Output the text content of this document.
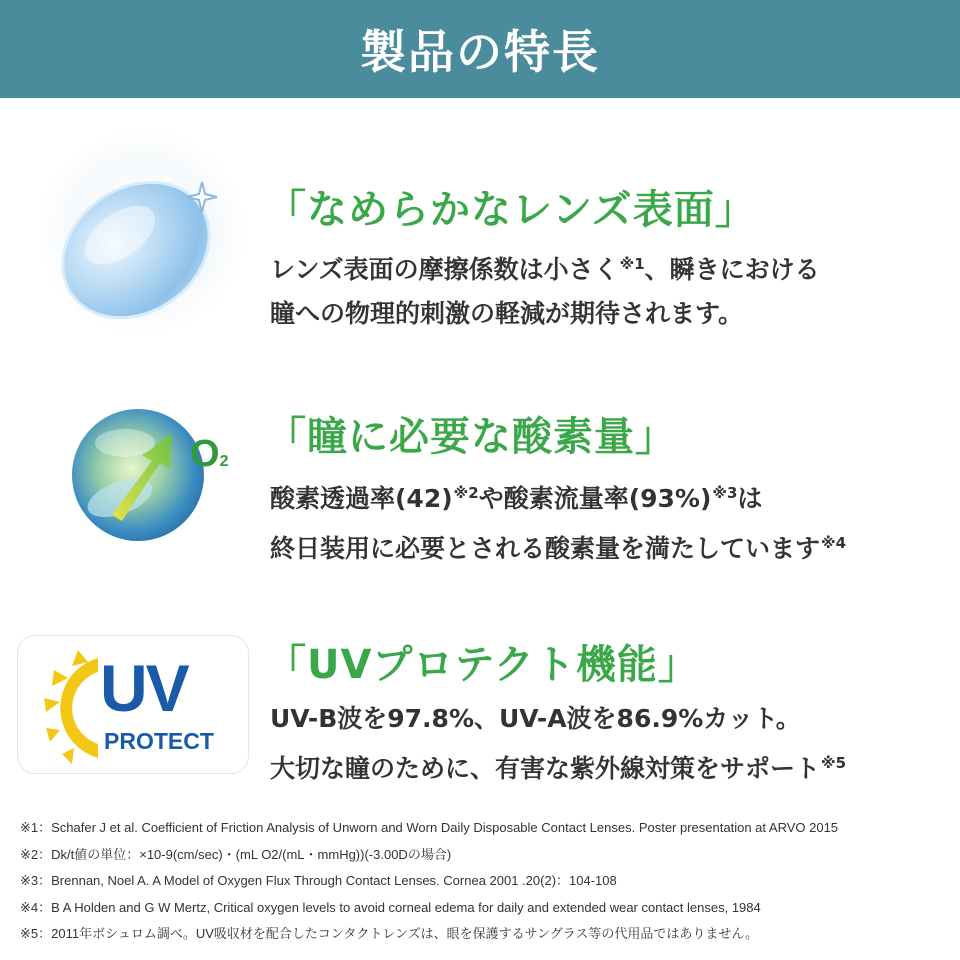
製品の特長
「なめらかなレンズ表面」
レンズ表面の摩擦係数は小さく$^{※1}$、瞬きにおける
瞳への物理的刺激の軽減が期待されます。
O2
「瞳に必要な酸素量」
酸素透過率$(42)^{※2}$や酸素流量率$(93\%)^{※3}$は
終日装用に必要とされる酸素量を満たしています$^{※4}$
UV
PROTECT
「UVプロテクト機能」
UV-B波を97.8%、UV-A波を86.9%カット。
大切な瞳のために、有害な紫外線対策をサポート$^{※5}$
※1：Schafer J et al. Coefficient of Friction Analysis of Unworn and Worn Daily Disposable Contact Lenses. Poster presentation at ARVO 2015
※2：Dk/t値の単位：×10-9(cm/sec)・(mL O2/(mL・mmHg))(-3.00Dの場合)
※3：Brennan, Noel A. A Model of Oxygen Flux Through Contact Lenses. Cornea 2001 .20(2)：104-108
※4：B A Holden and G W Mertz, Critical oxygen levels to avoid corneal edema for daily and extended wear contact lenses, 1984
※5：2011年ボシュロム調べ。UV吸収材を配合したコンタクトレンズは、眼を保護するサングラス等の代用品ではありません。
